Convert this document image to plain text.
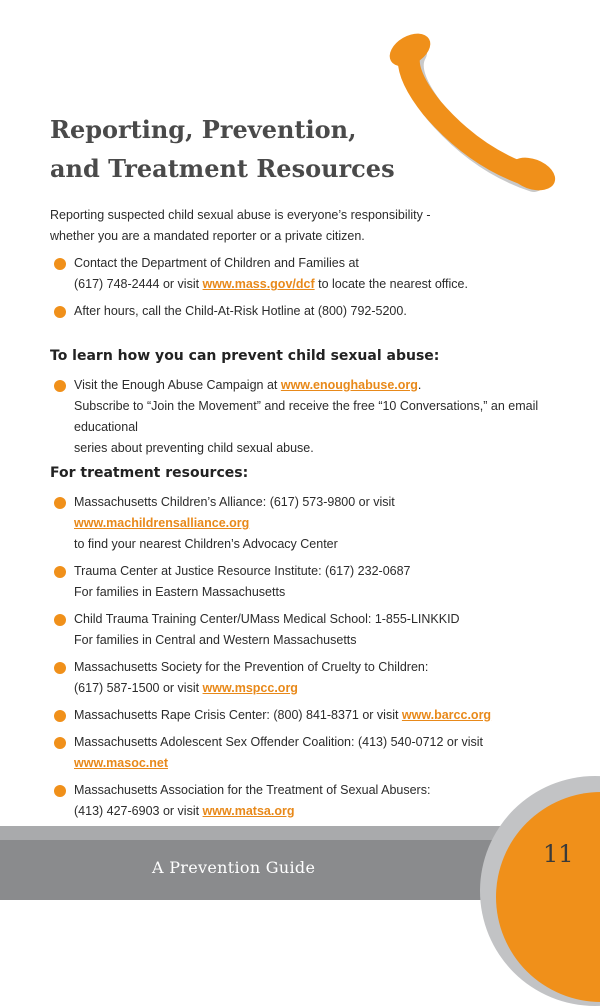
Reporting, Prevention,
and Treatment Resources
Reporting suspected child sexual abuse is everyone’s responsibility -
whether you are a mandated reporter or a private citizen.
Contact the Department of Children and Families at
(617) 748-2444 or visit www.mass.gov/dcf to locate the nearest office.
After hours, call the Child-At-Risk Hotline at (800) 792-5200.
To learn how you can prevent child sexual abuse:
Visit the Enough Abuse Campaign at www.enoughabuse.org.
Subscribe to “Join the Movement” and receive the free “10 Conversations,” an email educational
series about preventing child sexual abuse.
For treatment resources:
Massachusetts Children’s Alliance: (617) 573-9800 or visit www.machildrensalliance.org
to find your nearest Children’s Advocacy Center
Trauma Center at Justice Resource Institute: (617) 232-0687
For families in Eastern Massachusetts
Child Trauma Training Center/UMass Medical School: 1-855-LINKKID
For families in Central and Western Massachusetts
Massachusetts Society for the Prevention of Cruelty to Children:
(617) 587-1500 or visit www.mspcc.org
Massachusetts Rape Crisis Center: (800) 841-8371 or visit www.barcc.org
Massachusetts Adolescent Sex Offender Coalition: (413) 540-0712 or visit www.masoc.net
Massachusetts Association for the Treatment of Sexual Abusers:
(413) 427-6903 or visit www.matsa.org

A Prevention Guide	11
